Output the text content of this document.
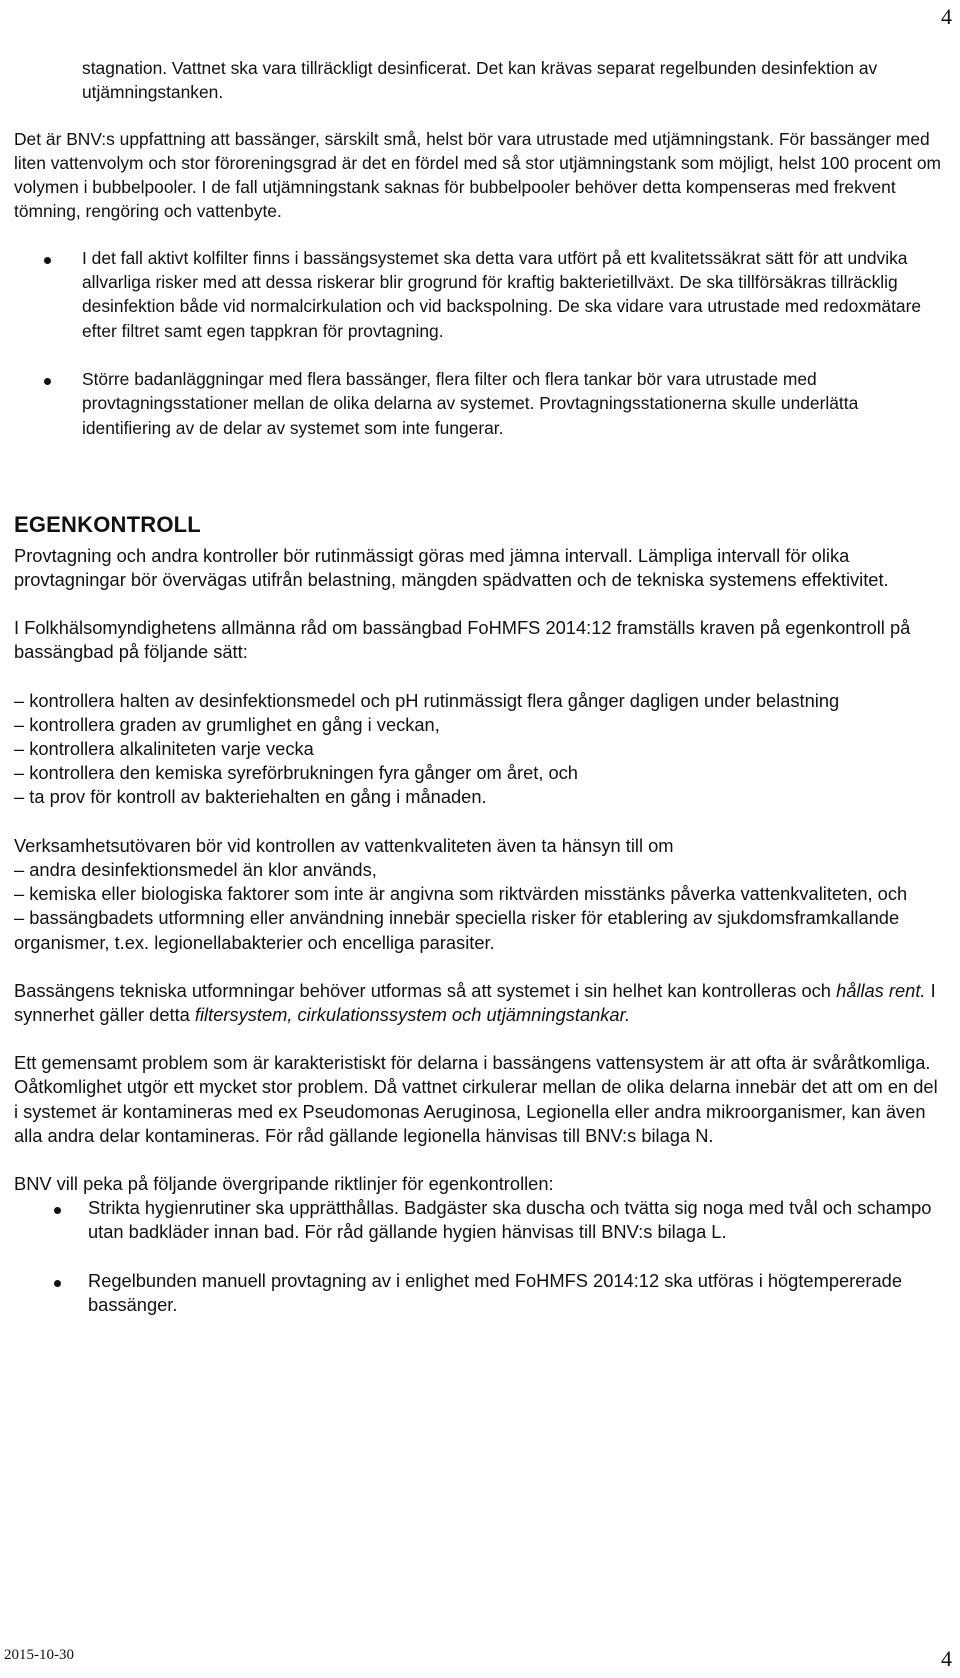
4

stagnation. Vattnet ska vara tillräckligt desinficerat. Det kan krävas separat regelbunden desinfektion av utjämningstanken.

Det är BNV:s uppfattning att bassänger, särskilt små, helst bör vara utrustade med utjämningstank. För bassänger med liten vattenvolym och stor föroreningsgrad är det en fördel med så stor utjämningstank som möjligt, helst 100 procent om volymen i bubbelpooler. I de fall utjämningstank saknas för bubbelpooler behöver detta kompenseras med frekvent tömning, rengöring och vattenbyte.

I det fall aktivt kolfilter finns i bassängsystemet ska detta vara utfört på ett kvalitetssäkrat sätt för att undvika allvarliga risker med att dessa riskerar blir grogrund för kraftig bakterietillväxt. De ska tillförsäkras tillräcklig desinfektion både vid normalcirkulation och vid backspolning. De ska vidare vara utrustade med redoxmätare efter filtret samt egen tappkran för provtagning.
Större badanläggningar med flera bassänger, flera filter och flera tankar bör vara utrustade med provtagningsstationer mellan de olika delarna av systemet. Provtagningsstationerna skulle underlätta identifiering av de delar av systemet som inte fungerar.
EGENKONTROLL

Provtagning och andra kontroller bör rutinmässigt göras med jämna intervall. Lämpliga intervall för olika provtagningar bör övervägas utifrån belastning, mängden spädvatten och de tekniska systemens effektivitet.

I Folkhälsomyndighetens allmänna råd om bassängbad FoHMFS 2014:12 framställs kraven på egenkontroll på bassängbad på följande sätt:

– kontrollera halten av desinfektionsmedel och pH rutinmässigt flera gånger dagligen under belastning

– kontrollera graden av grumlighet en gång i veckan,

– kontrollera alkaliniteten varje vecka

– kontrollera den kemiska syreförbrukningen fyra gånger om året, och

– ta prov för kontroll av bakteriehalten en gång i månaden.

Verksamhetsutövaren bör vid kontrollen av vattenkvaliteten även ta hänsyn till om

– andra desinfektionsmedel än klor används,

– kemiska eller biologiska faktorer som inte är angivna som riktvärden misstänks påverka vattenkvaliteten, och

– bassängbadets utformning eller användning innebär speciella risker för etablering av sjukdomsframkallande organismer, t.ex. legionellabakterier och encelliga parasiter.

Bassängens tekniska utformningar behöver utformas så att systemet i sin helhet kan kontrolleras och hållas rent. I synnerhet gäller detta filtersystem, cirkulationssystem och utjämningstankar.

Ett gemensamt problem som är karakteristiskt för delarna i bassängens vattensystem är att ofta är svåråtkomliga. Oåtkomlighet utgör ett mycket stor problem. Då vattnet cirkulerar mellan de olika delarna innebär det att om en del i systemet är kontamineras med ex Pseudomonas Aeruginosa, Legionella eller andra mikroorganismer, kan även alla andra delar kontamineras. För råd gällande legionella hänvisas till BNV:s bilaga N.

BNV vill peka på följande övergripande riktlinjer för egenkontrollen:

Strikta hygienrutiner ska upprätthållas. Badgäster ska duscha och tvätta sig noga med tvål och schampo utan badkläder innan bad. För råd gällande hygien hänvisas till BNV:s bilaga L.
Regelbunden manuell provtagning av i enlighet med FoHMFS 2014:12 ska utföras i högtempererade bassänger.
2015-10-30	4
